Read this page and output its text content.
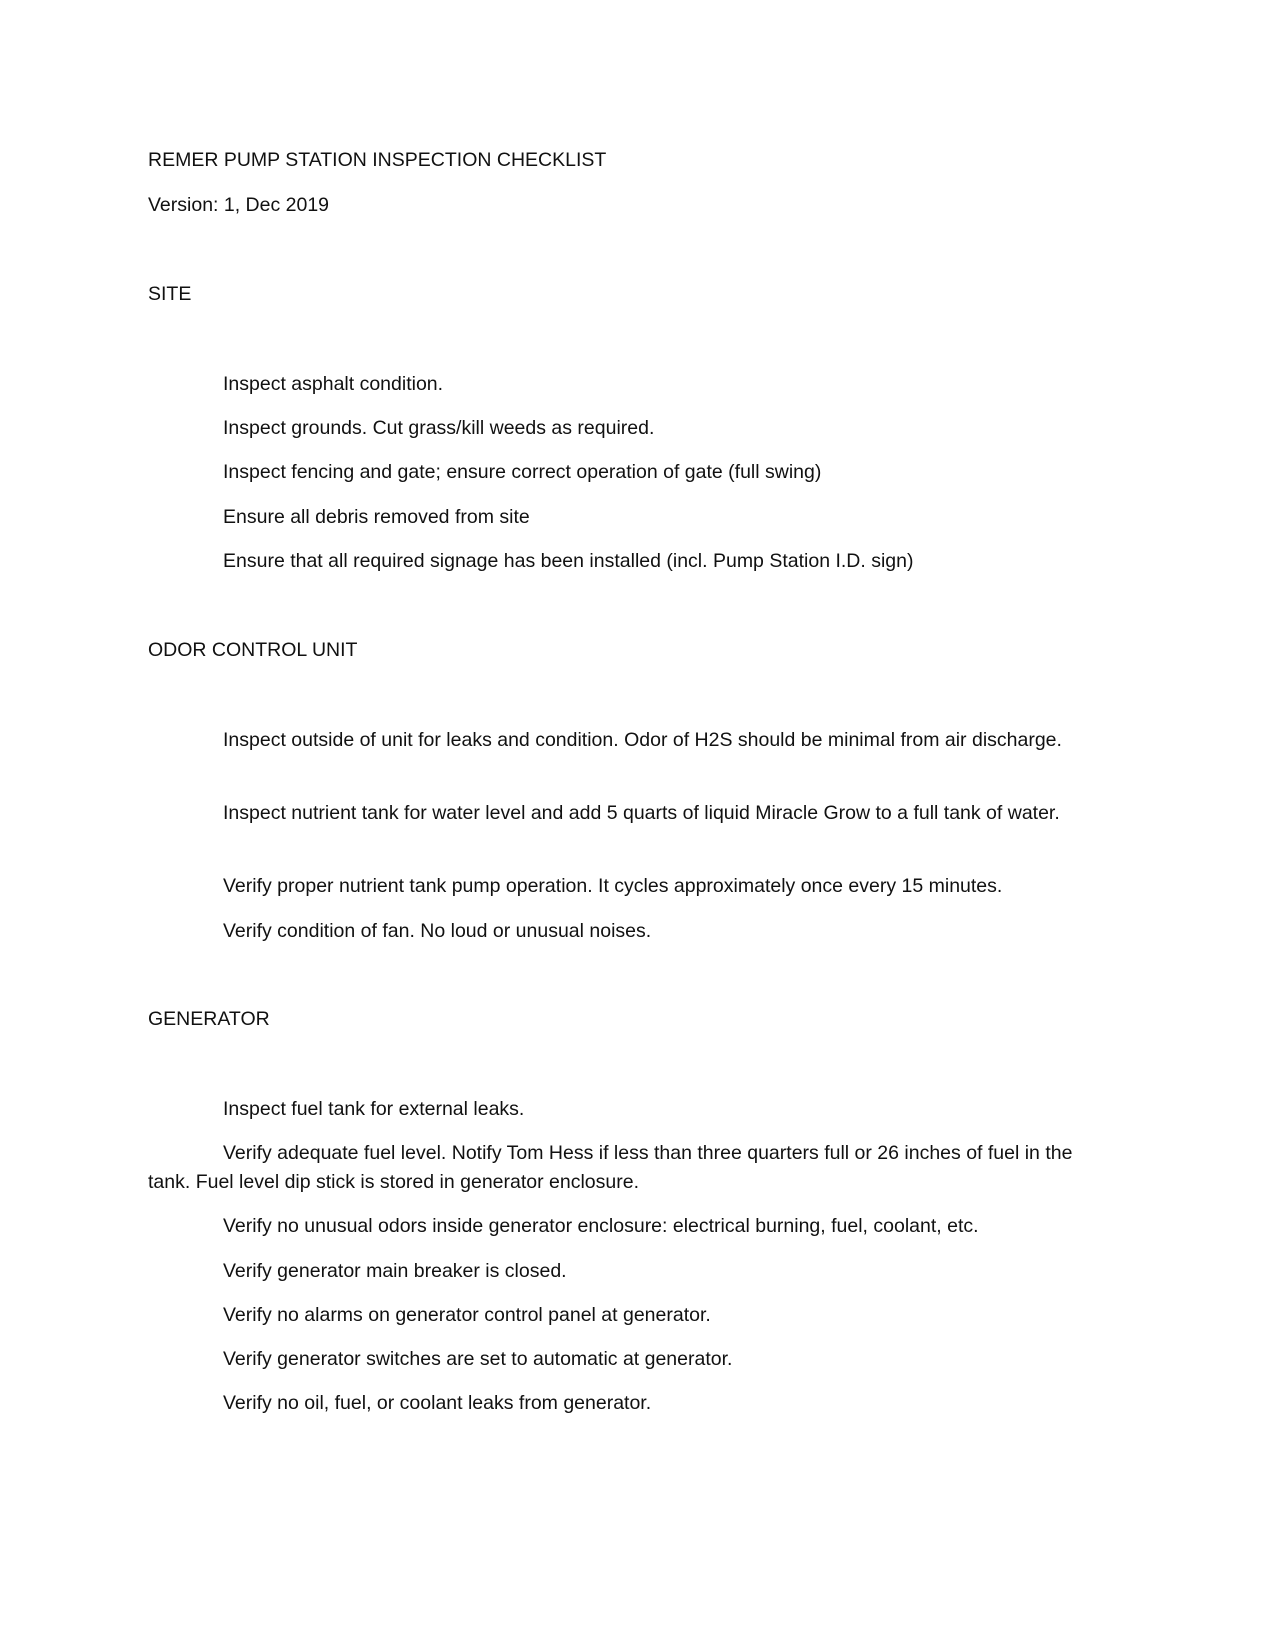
REMER PUMP STATION INSPECTION CHECKLIST

Version: 1, Dec 2019

SITE

Inspect asphalt condition.

Inspect grounds. Cut grass/kill weeds as required.

Inspect fencing and gate; ensure correct operation of gate (full swing)

Ensure all debris removed from site

Ensure that all required signage has been installed (incl. Pump Station I.D. sign)

ODOR CONTROL UNIT

Inspect outside of unit for leaks and condition. Odor of H2S should be minimal from air discharge.

Inspect nutrient tank for water level and add 5 quarts of liquid Miracle Grow to a full tank of water.

Verify proper nutrient tank pump operation. It cycles approximately once every 15 minutes.

Verify condition of fan. No loud or unusual noises.

GENERATOR

Inspect fuel tank for external leaks.

Verify adequate fuel level. Notify Tom Hess if less than three quarters full or 26 inches of fuel in the tank. Fuel level dip stick is stored in generator enclosure.

Verify no unusual odors inside generator enclosure: electrical burning, fuel, coolant, etc.

Verify generator main breaker is closed.

Verify no alarms on generator control panel at generator.

Verify generator switches are set to automatic at generator.

Verify no oil, fuel, or coolant leaks from generator.
